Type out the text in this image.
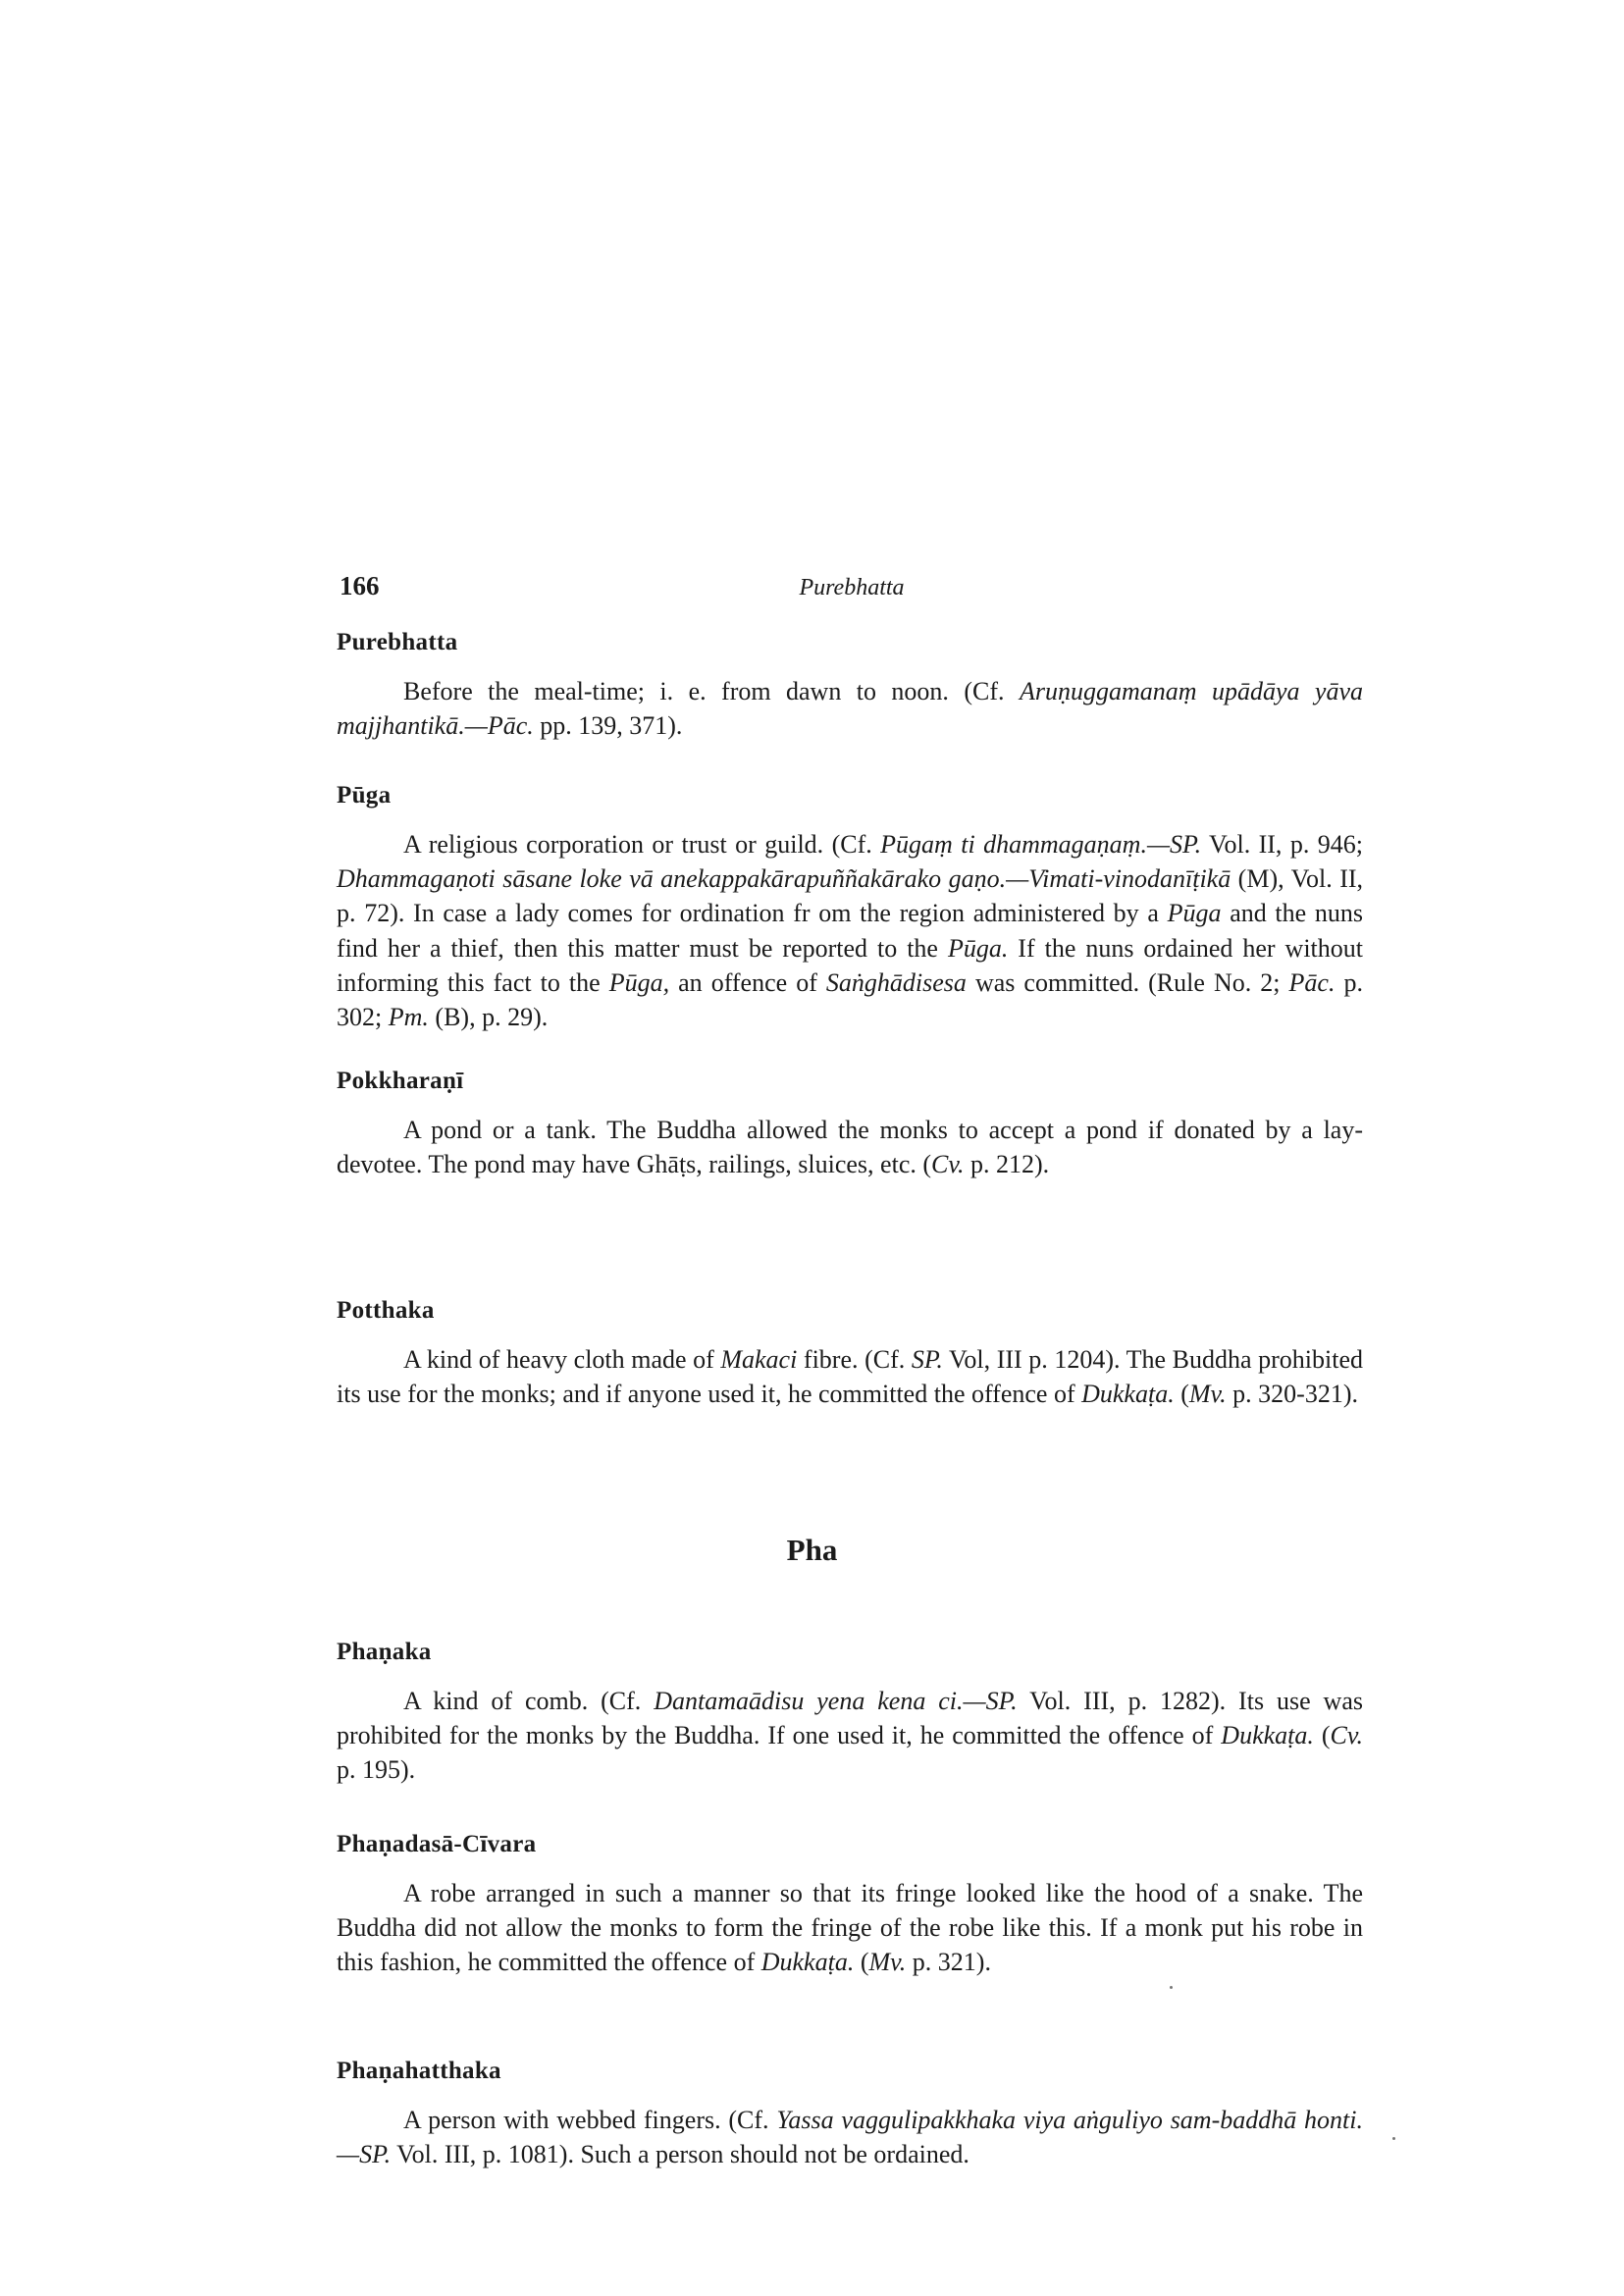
166	Purebhatta
Purebhatta

Before the meal-time; i. e. from dawn to noon. (Cf. Aruṇuggamanaṃ upādāya yāva majjhantikā.—Pāc. pp. 139, 371).

Pūga

A religious corporation or trust or guild. (Cf. Pūgaṃ ti dhammagaṇaṃ.—SP. Vol. II, p. 946; Dhammagaṇoti sāsane loke vā anekappakārapuññakārako gaṇo.—Vimati-vinodanīṭikā (M), Vol. II, p. 72). In case a lady comes for ordination fr om the region administered by a Pūga and the nuns find her a thief, then this matter must be reported to the Pūga. If the nuns ordained her without informing this fact to the Pūga, an offence of Saṅghādisesa was committed. (Rule No. 2; Pāc. p. 302; Pm. (B), p. 29).

Pokkharaṇī

A pond or a tank. The Buddha allowed the monks to accept a pond if donated by a lay-devotee. The pond may have Ghāṭs, railings, sluices, etc. (Cv. p. 212).

Potthaka

A kind of heavy cloth made of Makaci fibre. (Cf. SP. Vol, III p. 1204). The Buddha prohibited its use for the monks; and if anyone used it, he committed the offence of Dukkaṭa. (Mv. p. 320-321).

Pha
Phaṇaka

A kind of comb. (Cf. Dantamaādisu yena kena ci.—SP. Vol. III, p. 1282). Its use was prohibited for the monks by the Buddha. If one used it, he committed the offence of Dukkaṭa. (Cv. p. 195).

Phaṇadasā-Cīvara

A robe arranged in such a manner so that its fringe looked like the hood of a snake. The Buddha did not allow the monks to form the fringe of the robe like this. If a monk put his robe in this fashion, he committed the offence of Dukkaṭa. (Mv. p. 321).

Phaṇahatthaka

A person with webbed fingers. (Cf. Yassa vaggulipakkhaka viya aṅguliyo sam-baddhā honti.—SP. Vol. III, p. 1081). Such a person should not be ordained.
